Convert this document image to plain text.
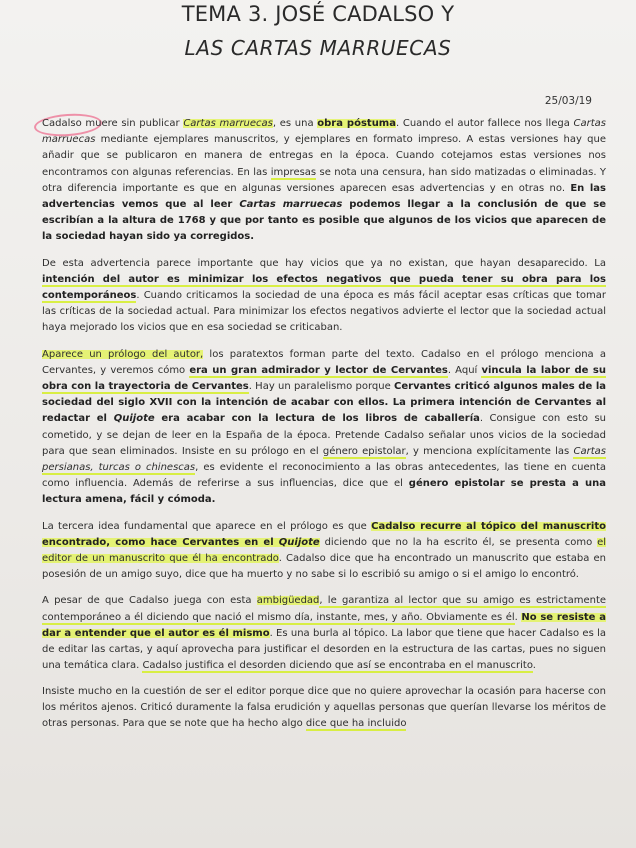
TEMA 3. JOSÉ CADALSO Y
LAS CARTAS MARRUECAS
25/03/19

Cadalso muere sin publicar Cartas marruecas, es una obra póstuma. Cuando el autor fallece nos llega Cartas marruecas mediante ejemplares manuscritos, y ejemplares en formato impreso. A estas versiones hay que añadir que se publicaron en manera de entregas en la época. Cuando cotejamos estas versiones nos encontramos con algunas referencias. En las impresas se nota una censura, han sido matizadas o eliminadas. Y otra diferencia importante es que en algunas versiones aparecen esas advertencias y en otras no. En las advertencias vemos que al leer Cartas marruecas podemos llegar a la conclusión de que se escribían a la altura de 1768 y que por tanto es posible que algunos de los vicios que aparecen de la sociedad hayan sido ya corregidos.

De esta advertencia parece importante que hay vicios que ya no existan, que hayan desaparecido. La intención del autor es minimizar los efectos negativos que pueda tener su obra para los contemporáneos. Cuando criticamos la sociedad de una época es más fácil aceptar esas críticas que tomar las críticas de la sociedad actual. Para minimizar los efectos negativos advierte el lector que la sociedad actual haya mejorado los vicios que en esa sociedad se criticaban.

Aparece un prólogo del autor, los paratextos forman parte del texto. Cadalso en el prólogo menciona a Cervantes, y veremos cómo era un gran admirador y lector de Cervantes. Aquí vincula la labor de su obra con la trayectoria de Cervantes. Hay un paralelismo porque Cervantes criticó algunos males de la sociedad del siglo XVII con la intención de acabar con ellos. La primera intención de Cervantes al redactar el Quijote era acabar con la lectura de los libros de caballería. Consigue con esto su cometido, y se dejan de leer en la España de la época. Pretende Cadalso señalar unos vicios de la sociedad para que sean eliminados. Insiste en su prólogo en el género epistolar, y menciona explícitamente las Cartas persianas, turcas o chinescas, es evidente el reconocimiento a las obras antecedentes, las tiene en cuenta como influencia. Además de referirse a sus influencias, dice que el género epistolar se presta a una lectura amena, fácil y cómoda.

La tercera idea fundamental que aparece en el prólogo es que Cadalso recurre al tópico del manuscrito encontrado, como hace Cervantes en el Quijote diciendo que no la ha escrito él, se presenta como el editor de un manuscrito que él ha encontrado. Cadalso dice que ha encontrado un manuscrito que estaba en posesión de un amigo suyo, dice que ha muerto y no sabe si lo escribió su amigo o si el amigo lo encontró.

A pesar de que Cadalso juega con esta ambigüedad, le garantiza al lector que su amigo es estrictamente contemporáneo a él diciendo que nació el mismo día, instante, mes, y año. Obviamente es él. No se resiste a dar a entender que el autor es él mismo. Es una burla al tópico. La labor que tiene que hacer Cadalso es la de editar las cartas, y aquí aprovecha para justificar el desorden en la estructura de las cartas, pues no siguen una temática clara. Cadalso justifica el desorden diciendo que así se encontraba en el manuscrito.

Insiste mucho en la cuestión de ser el editor porque dice que no quiere aprovechar la ocasión para hacerse con los méritos ajenos. Criticó duramente la falsa erudición y aquellas personas que querían llevarse los méritos de otras personas. Para que se note que ha hecho algo dice que ha incluido
